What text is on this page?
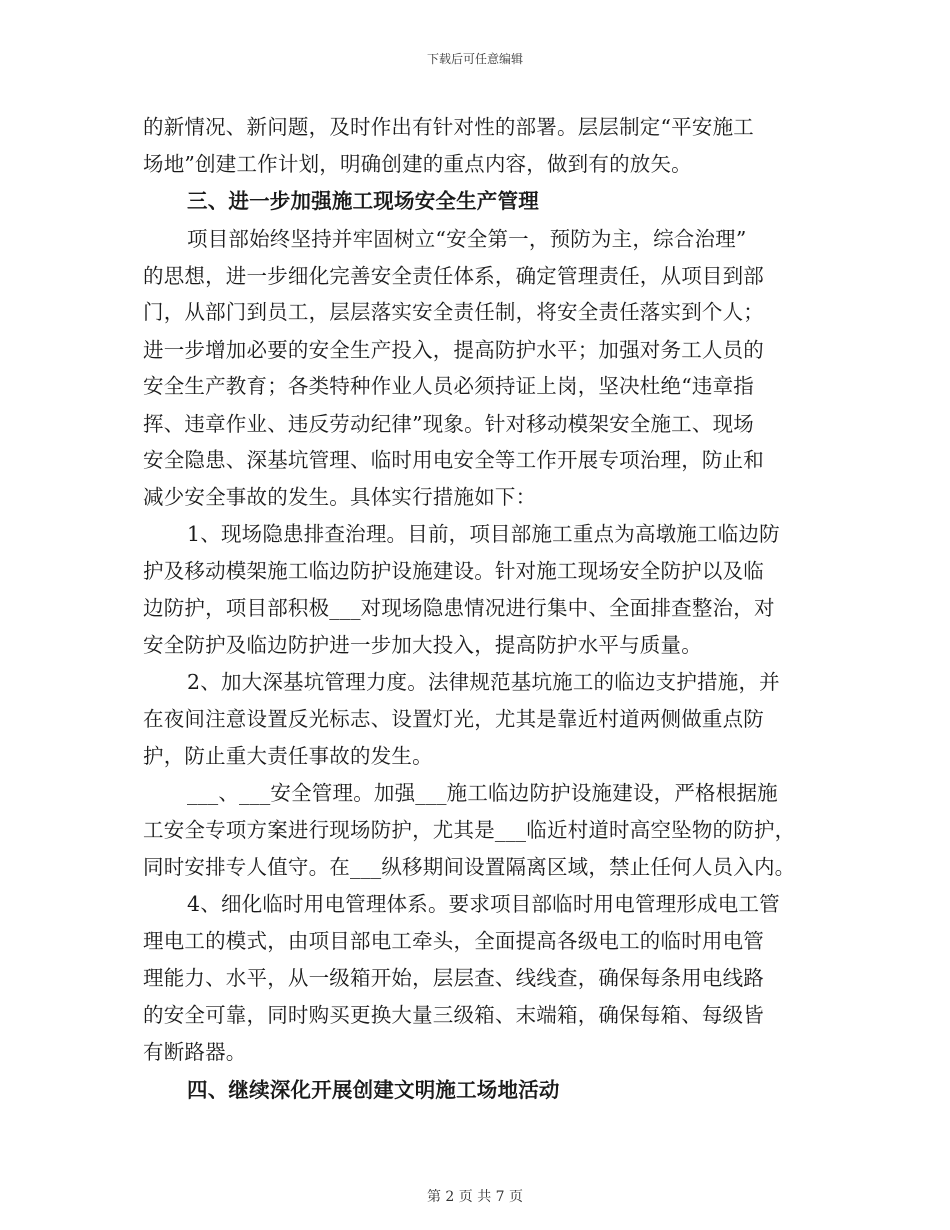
下载后可任意编辑
的新情况、新问题，及时作出有针对性的部署。层层制定“平安施工
场地”创建工作计划，明确创建的重点内容，做到有的放矢。
三、进一步加强施工现场安全生产管理
项目部始终坚持并牢固树立“安全第一，预防为主，综合治理”
的思想，进一步细化完善安全责任体系，确定管理责任，从项目到部
门，从部门到员工，层层落实安全责任制，将安全责任落实到个人；
进一步增加必要的安全生产投入，提高防护水平；加强对务工人员的
安全生产教育；各类特种作业人员必须持证上岗，坚决杜绝“违章指
挥、违章作业、违反劳动纪律”现象。针对移动模架安全施工、现场
安全隐患、深基坑管理、临时用电安全等工作开展专项治理，防止和
减少安全事故的发生。具体实行措施如下：
1、现场隐患排查治理。目前，项目部施工重点为高墩施工临边防
护及移动模架施工临边防护设施建设。针对施工现场安全防护以及临
边防护，项目部积极___对现场隐患情况进行集中、全面排查整治，对
安全防护及临边防护进一步加大投入，提高防护水平与质量。
2、加大深基坑管理力度。法律规范基坑施工的临边支护措施，并
在夜间注意设置反光标志、设置灯光，尤其是靠近村道两侧做重点防
护，防止重大责任事故的发生。
___、___安全管理。加强___施工临边防护设施建设，严格根据施
工安全专项方案进行现场防护，尤其是___临近村道时高空坠物的防护，
同时安排专人值守。在___纵移期间设置隔离区域，禁止任何人员入内。
4、细化临时用电管理体系。要求项目部临时用电管理形成电工管
理电工的模式，由项目部电工牵头，全面提高各级电工的临时用电管
理能力、水平，从一级箱开始，层层查、线线查，确保每条用电线路
的安全可靠，同时购买更换大量三级箱、末端箱，确保每箱、每级皆
有断路器。
四、继续深化开展创建文明施工场地活动
第 2 页 共 7 页
